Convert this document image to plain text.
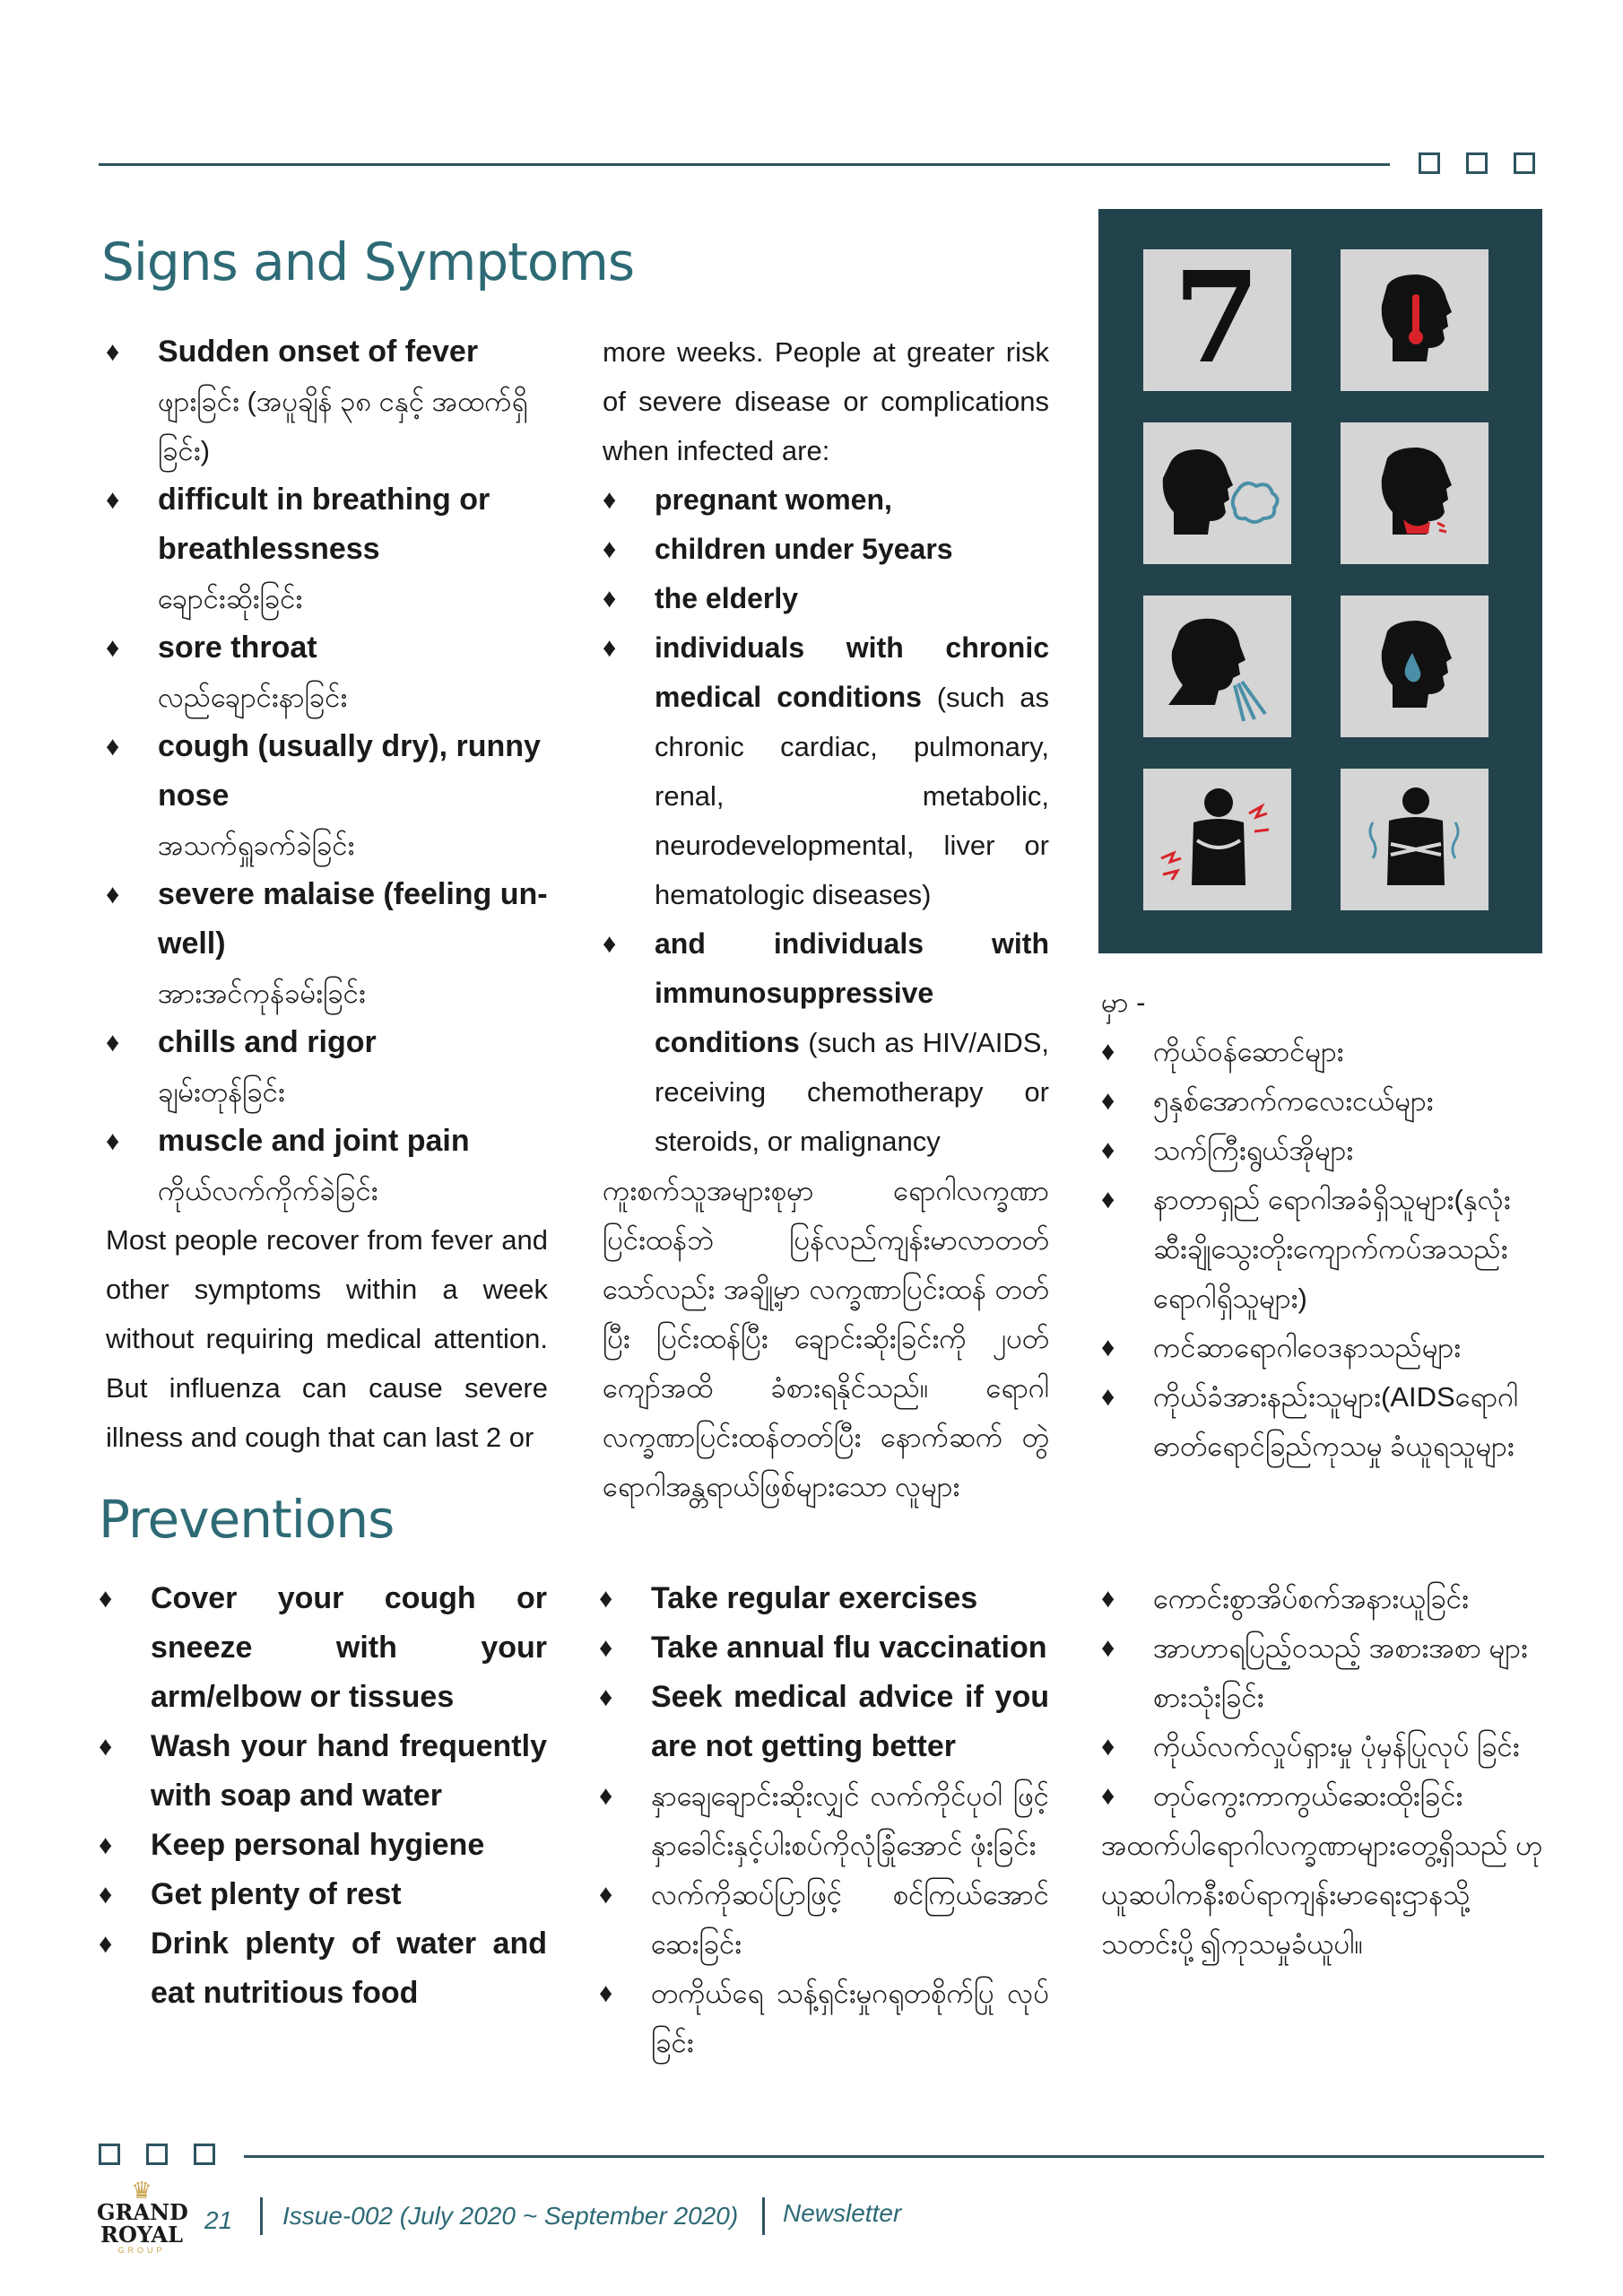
Signs and Symptoms
♦	Sudden onset of fever
ဖျားခြင်း (အပူချိန် ၃၈ ငနှင့် အထက်ရှိ ခြင်း)
♦	difficult in breathing or breathlessness
ချောင်းဆိုးခြင်း
♦	sore throat
လည်ချောင်းနာခြင်း
♦	cough (usually dry), runny nose
အသက်ရှူခက်ခဲခြင်း
♦	severe malaise (feeling un-well)
အားအင်ကုန်ခမ်းခြင်း
♦	chills and rigor
ချမ်းတုန်ခြင်း
♦	muscle and joint pain
ကိုယ်လက်ကိုက်ခဲခြင်း
Most people recover from fever and other symptoms within a week without requiring medical attention. But influenza can cause severe illness and cough that can last 2 or
more weeks. People at greater risk of severe disease or complications when infected are:
♦	pregnant women,
♦	children under 5years
♦	the elderly
♦	individuals with chronic medical conditions (such as chronic cardiac, pulmonary, renal, metabolic, neurodevelopmental, liver or hematologic diseases)
♦	and individuals with immunosuppressive conditions (such as HIV/AIDS, receiving chemotherapy or steroids, or malignancy
ကူးစက်သူအများစုမှာ ရောဂါလက္ခဏာ ပြင်းထန်ဘဲ ပြန်လည်ကျန်းမာလာတတ် သော်လည်း အချို့မှာ လက္ခဏာပြင်းထန် တတ်ပြီး ပြင်းထန်ပြီး ချောင်းဆိုးခြင်းကို ၂ပတ်ကျော်အထိ ခံစားရနိုင်သည်။ ရောဂါ လက္ခဏာပြင်းထန်တတ်ပြီး နောက်ဆက် တွဲရောဂါအန္တရာယ်ဖြစ်များသော လူများ
7
မှာ -
♦	ကိုယ်ဝန်ဆောင်များ
♦	၅နှစ်အောက်ကလေးငယ်များ
♦	သက်ကြီးရွယ်အိုများ
♦	နာတာရှည် ရောဂါအခံရှိသူများ(နှလုံး ဆီးချိုသွေးတိုးကျောက်ကပ်အသည်း ရောဂါရှိသူများ)
♦	ကင်ဆာရောဂါဝေဒနာသည်များ
♦	ကိုယ်ခံအားနည်းသူများ(AIDSရောဂါ ဓာတ်ရောင်ခြည်ကုသမှု ခံယူရသူများ
Preventions
♦	Cover your cough or sneeze with your arm/elbow or tissues
♦	Wash your hand frequently with soap and water
♦	Keep personal hygiene
♦	Get plenty of rest
♦	Drink plenty of water and eat nutritious food
♦	Take regular exercises
♦	Take annual flu vaccination
♦	Seek medical advice if you are not getting better
♦	နှာချေချောင်းဆိုးလျှင် လက်ကိုင်ပုဝါ ဖြင့်နှာခေါင်းနှင့်ပါးစပ်ကိုလုံခြုံအောင် ဖုံးခြင်း
♦	လက်ကိုဆပ်ပြာဖြင့် စင်ကြယ်အောင် ဆေးခြင်း
♦	တကိုယ်ရေ သန့်ရှင်းမှုဂရုတစိုက်ပြု လုပ်ခြင်း
♦	ကောင်းစွာအိပ်စက်အနားယူခြင်း
♦	အာဟာရပြည့်ဝသည့် အစားအစာ များစားသုံးခြင်း
♦	ကိုယ်လက်လှုပ်ရှားမှု ပုံမှန်ပြုလုပ် ခြင်း
♦	တုပ်ကွေးကာကွယ်ဆေးထိုးခြင်း
အထက်ပါရောဂါလက္ခဏာများတွေ့ရှိသည် ဟုယူဆပါကနီးစပ်ရာကျန်းမာရေးဌာနသို့ သတင်းပို့၍ကုသမှုခံယူပါ။
♛
GRAND
ROYAL
GROUP
21 Issue-002 (July 2020 ~ September 2020) Newsletter
